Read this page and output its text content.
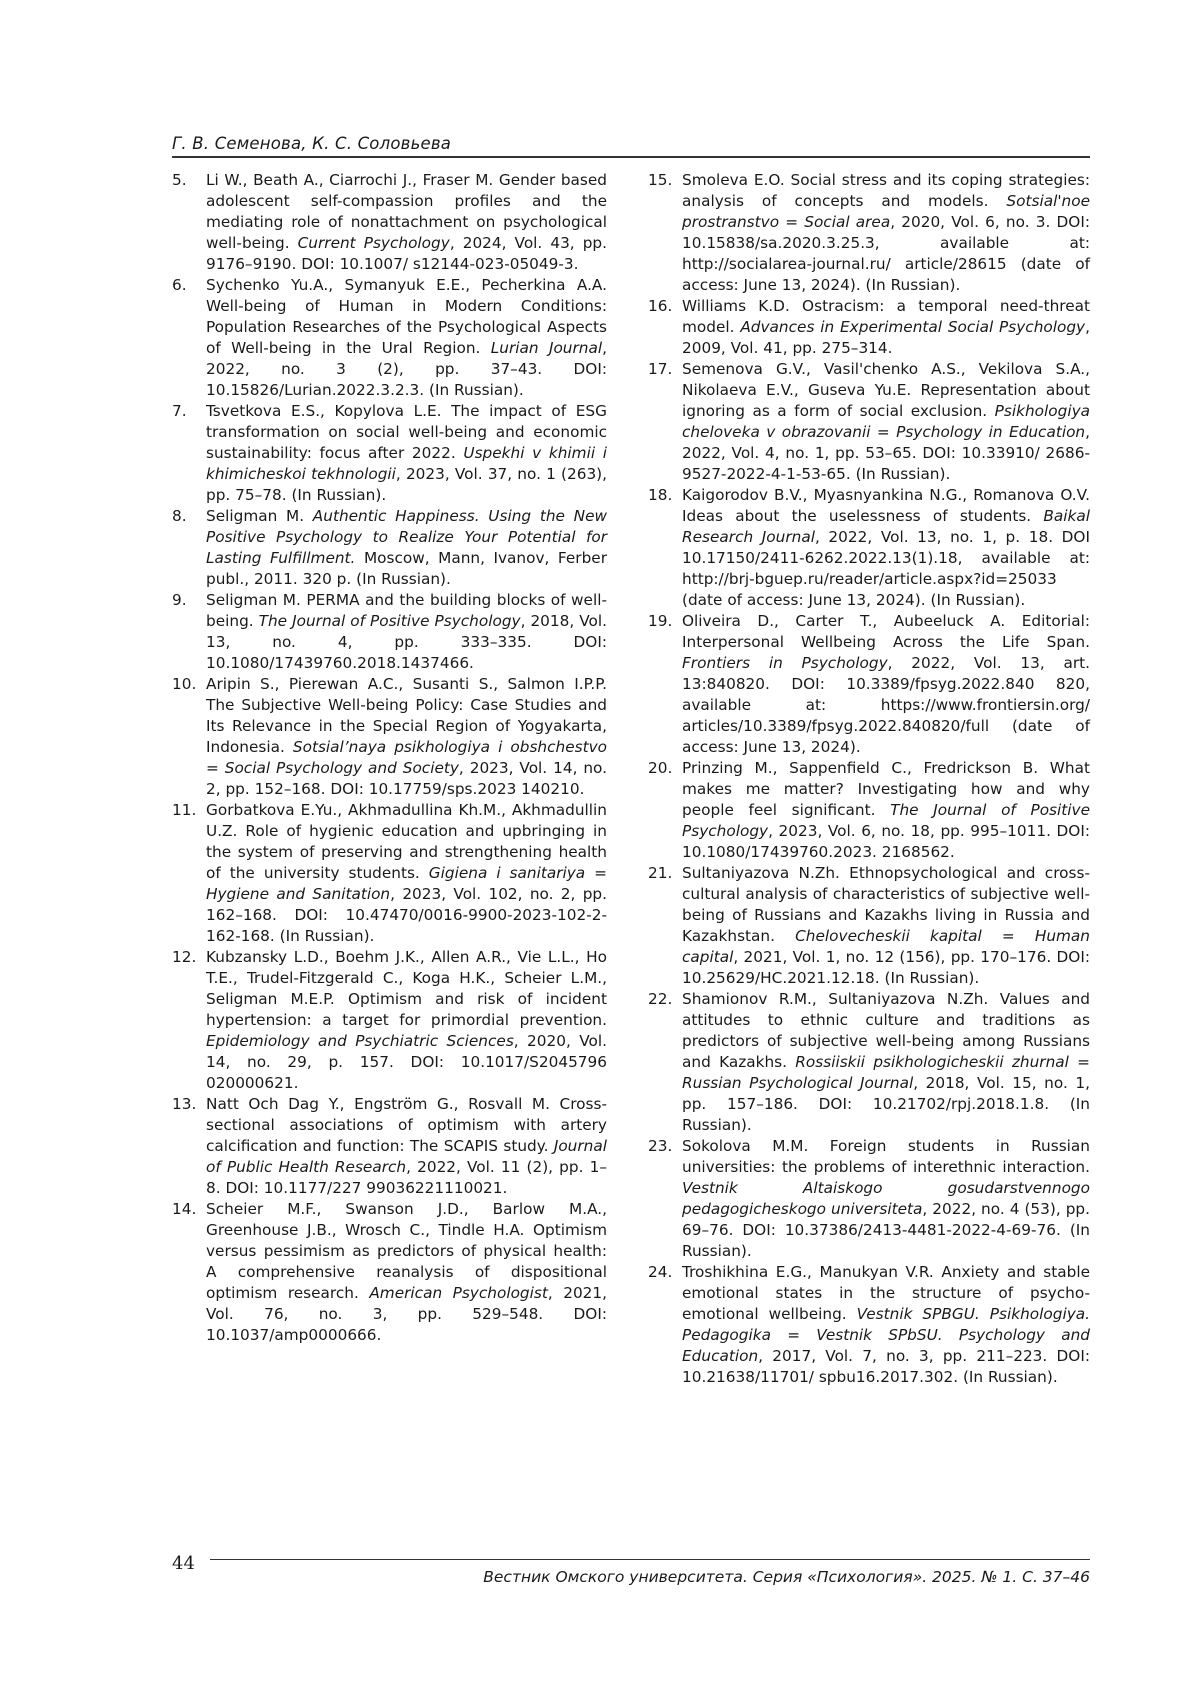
Г. В. Семенова, К. С. Соловьева
5.	Li W., Beath A., Ciarrochi J., Fraser M. Gender based adolescent self-compassion profiles and the mediating role of nonattachment on psychological well-being. Current Psychology, 2024, Vol. 43, pp. 9176–9190. DOI: 10.1007/ s12144-023-05049-3.
6.	Sychenko Yu.A., Symanyuk E.E., Pecherkina A.A. Well-being of Human in Modern Conditions: Population Researches of the Psychological Aspects of Well-being in the Ural Region. Lurian Journal, 2022, no. 3 (2), pp. 37–43. DOI: 10.15826/Lurian.2022.3.2.3. (In Russian).
7.	Tsvetkova E.S., Kopylova L.E. The impact of ESG transformation on social well-being and economic sustainability: focus after 2022. Uspekhi v khimii i khimicheskoi tekhnologii, 2023, Vol. 37, no. 1 (263), pp. 75–78. (In Russian).
8.	Seligman M. Authentic Happiness. Using the New Positive Psychology to Realize Your Potential for Lasting Fulfillment. Moscow, Mann, Ivanov, Ferber publ., 2011. 320 p. (In Russian).
9.	Seligman M. PERMA and the building blocks of well-being. The Journal of Positive Psychology, 2018, Vol. 13, no. 4, pp. 333–335. DOI: 10.1080/17439760.2018.1437466.
10. Aripin S., Pierewan A.C., Susanti S., Salmon I.P.P. The Subjective Well-being Policy: Case Studies and Its Relevance in the Special Region of Yogyakarta, Indonesia. Sotsial’naya psikhologiya i obshchestvo = Social Psychology and Society, 2023, Vol. 14, no. 2, pp. 152–168. DOI: 10.17759/sps.2023 140210.
11. Gorbatkova E.Yu., Akhmadullina Kh.M., Akhmadullin U.Z. Role of hygienic education and upbringing in the system of preserving and strengthening health of the university students. Gigiena i sanitariya = Hygiene and Sanitation, 2023, Vol. 102, no. 2, pp. 162–168. DOI: 10.47470/0016-9900-2023-102-2-162-168. (In Russian).
12. Kubzansky L.D., Boehm J.K., Allen A.R., Vie L.L., Ho T.E., Trudel-Fitzgerald C., Koga H.K., Scheier L.M., Seligman M.E.P. Optimism and risk of incident hypertension: a target for primordial prevention. Epidemiology and Psychiatric Sciences, 2020, Vol. 14, no. 29, p. 157. DOI: 10.1017/S2045796 020000621.
13. Natt Och Dag Y., Engström G., Rosvall M. Cross-sectional associations of optimism with artery calcification and function: The SCAPIS study. Journal of Public Health Research, 2022, Vol. 11 (2), pp. 1–8. DOI: 10.1177/227 99036221110021.
14. Scheier M.F., Swanson J.D., Barlow M.A., Greenhouse J.B., Wrosch C., Tindle H.A. Optimism versus pessimism as predictors of physical health: A comprehensive reanalysis of dispositional optimism research. American Psychologist, 2021, Vol. 76, no. 3, pp. 529–548. DOI: 10.1037/amp0000666.
15. Smoleva E.O. Social stress and its coping strategies: analysis of concepts and models. Sotsial'noe prostranstvo = Social area, 2020, Vol. 6, no. 3. DOI: 10.15838/sa.2020.3.25.3, available at: http://socialarea-journal.ru/ article/28615 (date of access: June 13, 2024). (In Russian).
16. Williams K.D. Ostracism: a temporal need-threat model. Advances in Experimental Social Psychology, 2009, Vol. 41, pp. 275–314.
17. Semenova G.V., Vasil'chenko A.S., Vekilova S.A., Nikolaeva E.V., Guseva Yu.E. Representation about ignoring as a form of social exclusion. Psikhologiya cheloveka v obrazovanii = Psychology in Education, 2022, Vol. 4, no. 1, pp. 53–65. DOI: 10.33910/ 2686-9527-2022-4-1-53-65. (In Russian).
18. Kaigorodov B.V., Myasnyankina N.G., Romanova O.V. Ideas about the uselessness of students. Baikal Research Journal, 2022, Vol. 13, no. 1, p. 18. DOI 10.17150/2411-6262.2022.13(1).18, available at: http://brj-bguep.ru/reader/article.aspx?id=25033 (date of access: June 13, 2024). (In Russian).
19. Oliveira D., Carter T., Aubeeluck A. Editorial: Interpersonal Wellbeing Across the Life Span. Frontiers in Psychology, 2022, Vol. 13, art. 13:840820. DOI: 10.3389/fpsyg.2022.840 820, available at: https://www.frontiersin.org/ articles/10.3389/fpsyg.2022.840820/full (date of access: June 13, 2024).
20. Prinzing M., Sappenfield C., Fredrickson B. What makes me matter? Investigating how and why people feel significant. The Journal of Positive Psychology, 2023, Vol. 6, no. 18, pp. 995–1011. DOI: 10.1080/17439760.2023. 2168562.
21. Sultaniyazova N.Zh. Ethnopsychological and cross-cultural analysis of characteristics of subjective well-being of Russians and Kazakhs living in Russia and Kazakhstan. Chelovecheskii kapital = Human capital, 2021, Vol. 1, no. 12 (156), pp. 170–176. DOI: 10.25629/HC.2021.12.18. (In Russian).
22. Shamionov R.M., Sultaniyazova N.Zh. Values and attitudes to ethnic culture and traditions as predictors of subjective well-being among Russians and Kazakhs. Rossiiskii psikhologicheskii zhurnal = Russian Psychological Journal, 2018, Vol. 15, no. 1, pp. 157–186. DOI: 10.21702/rpj.2018.1.8. (In Russian).
23. Sokolova M.M. Foreign students in Russian universities: the problems of interethnic interaction. Vestnik Altaiskogo gosudarstvennogo pedagogicheskogo universiteta, 2022, no. 4 (53), pp. 69–76. DOI: 10.37386/2413-4481-2022-4-69-76. (In Russian).
24. Troshikhina E.G., Manukyan V.R. Anxiety and stable emotional states in the structure of psycho-emotional wellbeing. Vestnik SPBGU. Psikhologiya. Pedagogika = Vestnik SPbSU. Psychology and Education, 2017, Vol. 7, no. 3, pp. 211–223. DOI: 10.21638/11701/ spbu16.2017.302. (In Russian).
44
Вестник Омского университета. Серия «Психология». 2025. № 1. С. 37–46
